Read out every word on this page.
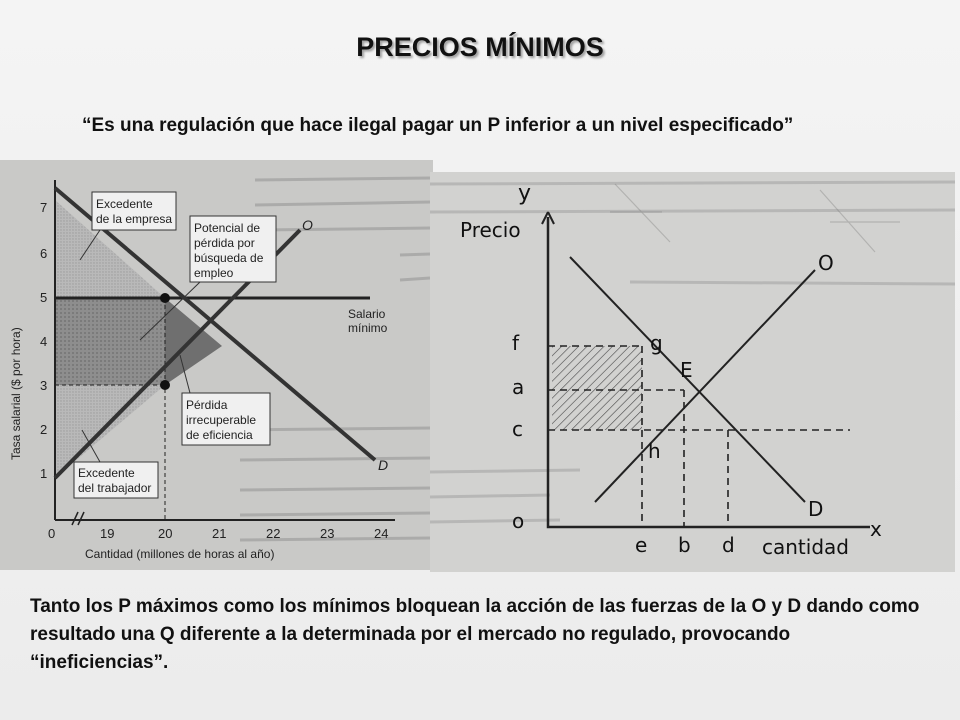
PRECIOS MÍNIMOS
“Es una regulación que hace ilegal pagar un P inferior a un nivel especificado”
7
6
5
4
3
2
1
0	19	20	21	22	23	24
Cantidad (millones de horas al año)
Tasa salarial ($ por hora)
O
D
Salario
mínimo
Excedente
de la empresa
Potencial de
pérdida por
búsqueda de
empleo
Pérdida
irrecuperable
de eficiencia
Excedente
del trabajador
y
Precio
f
a
c
o
e b d cantidad
x
g
E
h
O
D
Tanto los P máximos como los mínimos bloquean la acción de las fuerzas de la O y D dando como resultado una Q diferente a la determinada por el mercado no regulado, provocando “ineficiencias”.
